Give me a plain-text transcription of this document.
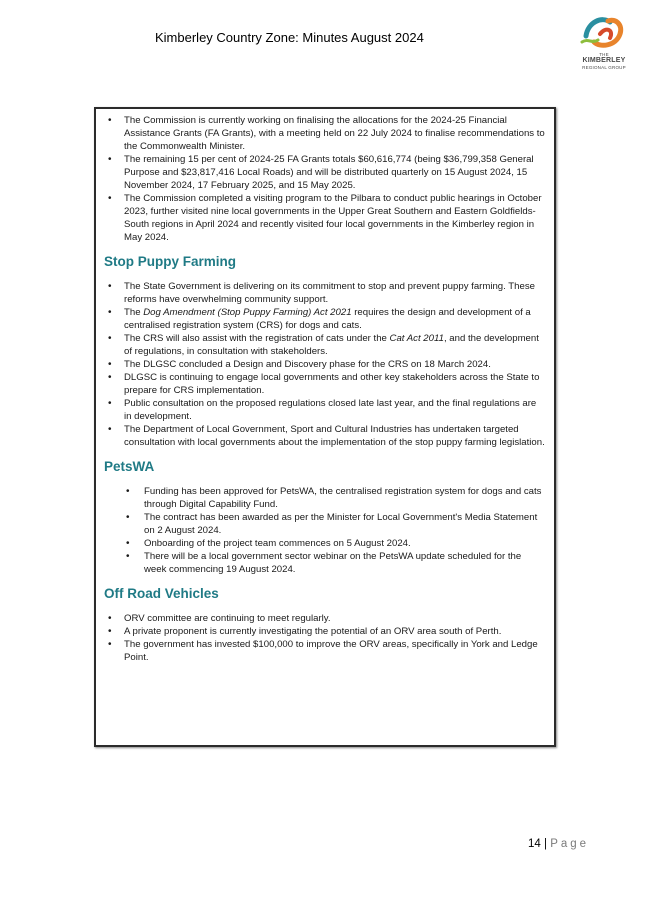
Kimberley Country Zone: Minutes August 2024
THE
KIMBERLEY
REGIONAL GROUP
• The Commission is currently working on finalising the allocations for the 2024-25 Financial Assistance Grants (FA Grants), with a meeting held on 22 July 2024 to finalise recommendations to the Commonwealth Minister.
• The remaining 15 per cent of 2024-25 FA Grants totals $60,616,774 (being $36,799,358 General Purpose and $23,817,416 Local Roads) and will be distributed quarterly on 15 August 2024, 15 November 2024, 17 February 2025, and 15 May 2025.
• The Commission completed a visiting program to the Pilbara to conduct public hearings in October 2023, further visited nine local governments in the Upper Great Southern and Eastern Goldfields-South regions in April 2024 and recently visited four local governments in the Kimberley region in May 2024.
Stop Puppy Farming
• The State Government is delivering on its commitment to stop and prevent puppy farming. These reforms have overwhelming community support.
• The Dog Amendment (Stop Puppy Farming) Act 2021 requires the design and development of a centralised registration system (CRS) for dogs and cats.
• The CRS will also assist with the registration of cats under the Cat Act 2011, and the development of regulations, in consultation with stakeholders.
• The DLGSC concluded a Design and Discovery phase for the CRS on 18 March 2024.
• DLGSC is continuing to engage local governments and other key stakeholders across the State to prepare for CRS implementation.
• Public consultation on the proposed regulations closed late last year, and the final regulations are in development.
• The Department of Local Government, Sport and Cultural Industries has undertaken targeted consultation with local governments about the implementation of the stop puppy farming legislation.
PetsWA
• Funding has been approved for PetsWA, the centralised registration system for dogs and cats through Digital Capability Fund.
• The contract has been awarded as per the Minister for Local Government's Media Statement on 2 August 2024.
• Onboarding of the project team commences on 5 August 2024.
• There will be a local government sector webinar on the PetsWA update scheduled for the week commencing 19 August 2024.
Off Road Vehicles
• ORV committee are continuing to meet regularly.
• A private proponent is currently investigating the potential of an ORV area south of Perth.
• The government has invested $100,000 to improve the ORV areas, specifically in York and Ledge Point.
14 | Page
